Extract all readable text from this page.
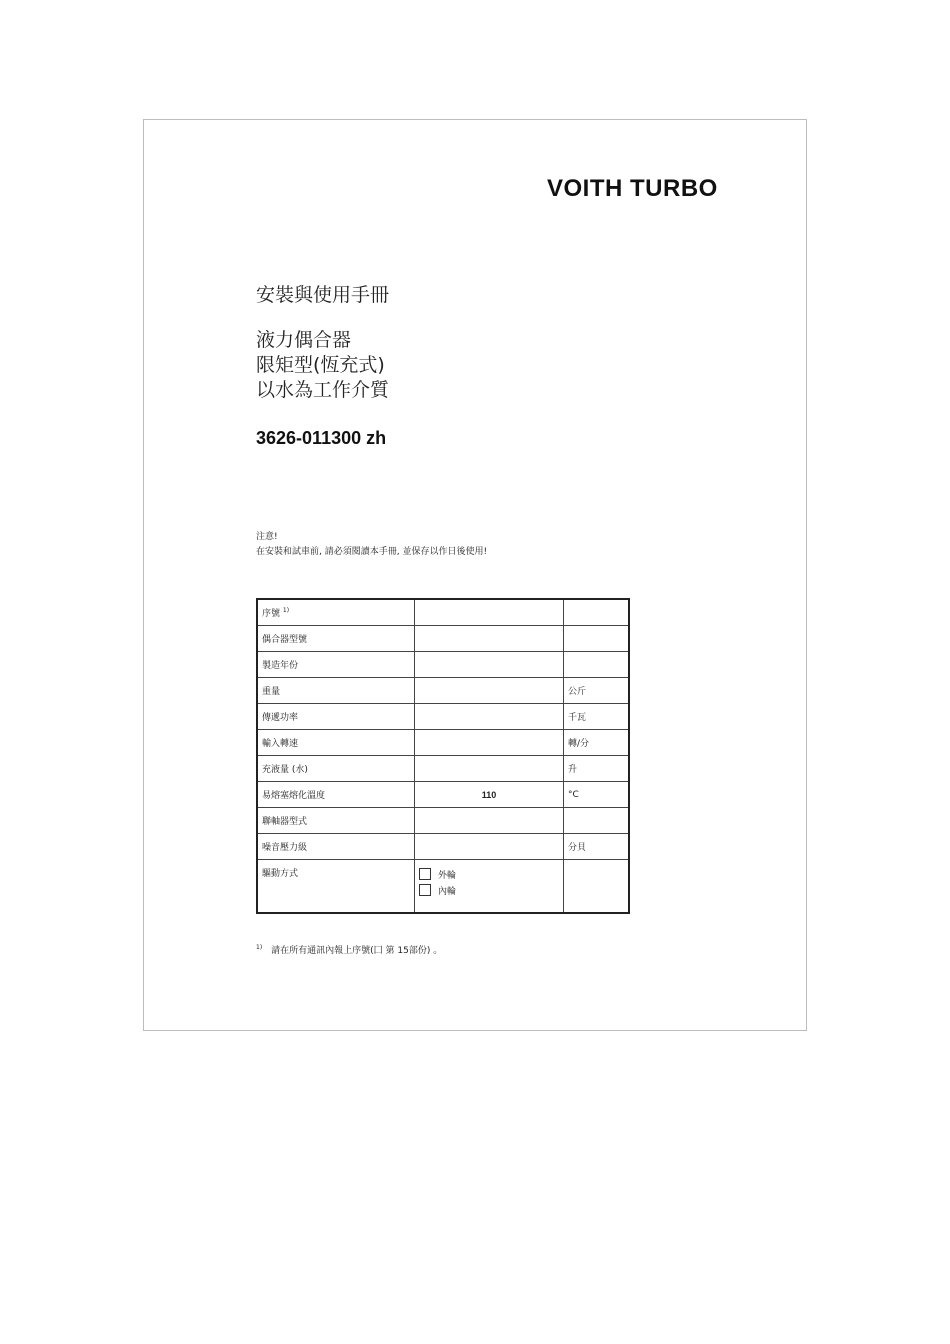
VOITH TURBO
安裝與使用手冊
液力偶合器
限矩型(恆充式)
以水為工作介質
3626-011300 zh
注意!
在安裝和試車前, 請必須閱讀本手冊, 並保存以作日後使用!
序號 $^{1)}$		
偶合器型號		
製造年份		
重量		公斤
傳遞功率		千瓦
輸入轉速		轉/分
充液量 (水)		升
易熔塞熔化溫度	110	°C
聯軸器型式		
噪音壓力級		分貝
驅動方式	外輪
內輪	

$^{1)}$ 請在所有通訊內報上序號(囗 第 15部份) 。
